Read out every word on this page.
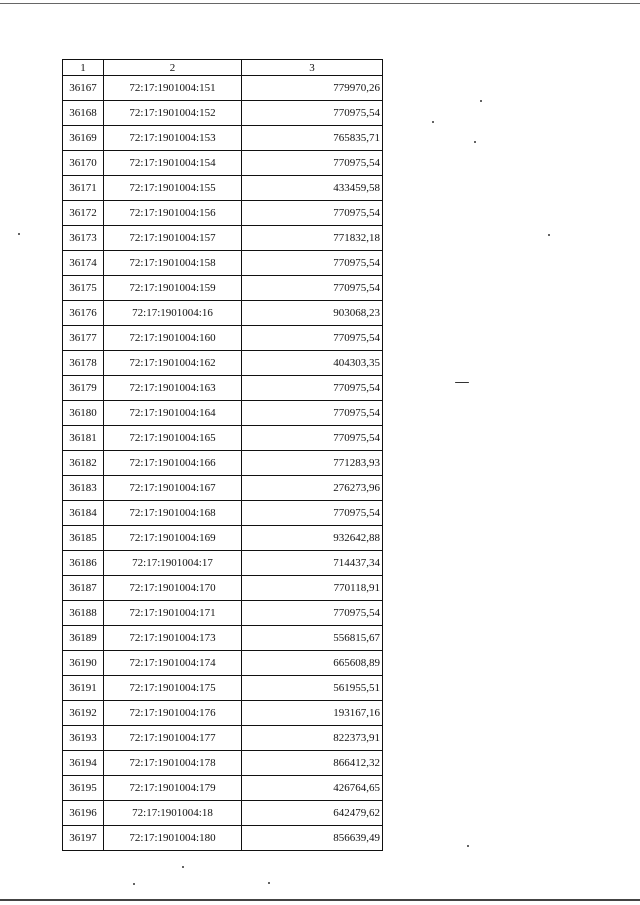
1	2	3
36167	72:17:1901004:151	779970,26
36168	72:17:1901004:152	770975,54
36169	72:17:1901004:153	765835,71
36170	72:17:1901004:154	770975,54
36171	72:17:1901004:155	433459,58
36172	72:17:1901004:156	770975,54
36173	72:17:1901004:157	771832,18
36174	72:17:1901004:158	770975,54
36175	72:17:1901004:159	770975,54
36176	72:17:1901004:16	903068,23
36177	72:17:1901004:160	770975,54
36178	72:17:1901004:162	404303,35
36179	72:17:1901004:163	770975,54
36180	72:17:1901004:164	770975,54
36181	72:17:1901004:165	770975,54
36182	72:17:1901004:166	771283,93
36183	72:17:1901004:167	276273,96
36184	72:17:1901004:168	770975,54
36185	72:17:1901004:169	932642,88
36186	72:17:1901004:17	714437,34
36187	72:17:1901004:170	770118,91
36188	72:17:1901004:171	770975,54
36189	72:17:1901004:173	556815,67
36190	72:17:1901004:174	665608,89
36191	72:17:1901004:175	561955,51
36192	72:17:1901004:176	193167,16
36193	72:17:1901004:177	822373,91
36194	72:17:1901004:178	866412,32
36195	72:17:1901004:179	426764,65
36196	72:17:1901004:18	642479,62
36197	72:17:1901004:180	856639,49
